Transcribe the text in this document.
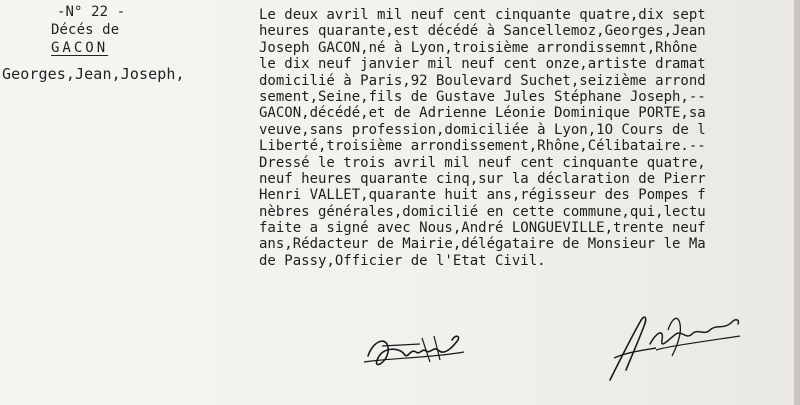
-N° 22 -
Décés de
GACON
Georges,Jean,Joseph,
Le deux avril mil neuf cent cinquante quatre,dix sept
heures quarante,est décédé à Sancellemoz,Georges,Jean
Joseph GACON,né à Lyon,troisième arrondissemnt,Rhône
le dix neuf janvier mil neuf cent onze,artiste dramat
domicilié à Paris,92 Boulevard Suchet,seizième arrond
sement,Seine,fils de Gustave Jules Stéphane Joseph,--
GACON,décédé,et de Adrienne Léonie Dominique PORTE,sa
veuve,sans profession,domiciliée à Lyon,1O Cours de l
Liberté,troisième arrondissement,Rhône,Célibataire.--
Dressé le trois avril mil neuf cent cinquante quatre,
neuf heures quarante cinq,sur la déclaration de Pierr
Henri VALLET,quarante huit ans,régisseur des Pompes f
nèbres générales,domicilié en cette commune,qui,lectu
faite a signé avec Nous,André LONGUEVILLE,trente neuf
ans,Rédacteur de Mairie,délégataire de Monsieur le Ma
de Passy,Officier de l'Etat Civil.
